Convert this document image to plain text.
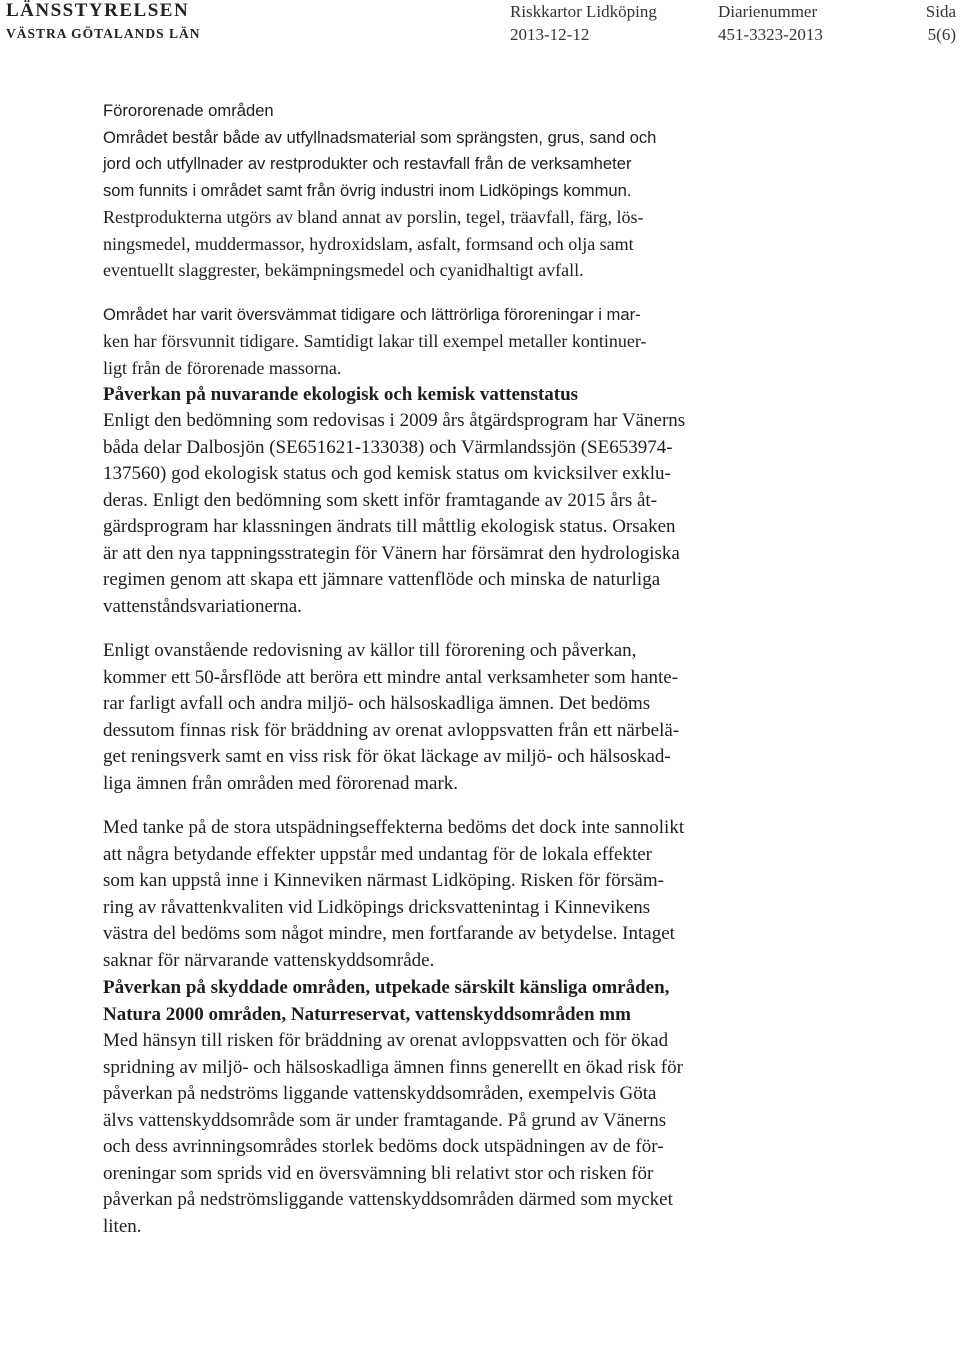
LÄNSSTYRELSEN
VÄSTRA GÖTALANDS LÄN
Riskkartor Lidköping
2013-12-12
Diarienummer
451-3323-2013
Sida
5(6)
Förororenade områden

Området består både av utfyllnadsmaterial som sprängsten, grus, sand och
jord och utfyllnader av restprodukter och restavfall från de verksamheter
som funnits i området samt från övrig industri inom Lidköpings kommun.
Restprodukterna utgörs av bland annat av porslin, tegel, träavfall, färg, lös-
ningsmedel, muddermassor, hydroxidslam, asfalt, formsand och olja samt
eventuellt slaggrester, bekämpningsmedel och cyanidhaltigt avfall.

Området har varit översvämmat tidigare och lättrörliga föroreningar i mar-
ken har försvunnit tidigare. Samtidigt lakar till exempel metaller kontinuer-
ligt från de förorenade massorna.

Påverkan på nuvarande ekologisk och kemisk vattenstatus

Enligt den bedömning som redovisas i 2009 års åtgärdsprogram har Vänerns
båda delar Dalbosjön (SE651621-133038) och Värmlandssjön (SE653974-
137560) god ekologisk status och god kemisk status om kvicksilver exklu-
deras. Enligt den bedömning som skett inför framtagande av 2015 års åt-
gärdsprogram har klassningen ändrats till måttlig ekologisk status. Orsaken
är att den nya tappningsstrategin för Vänern har försämrat den hydrologiska
regimen genom att skapa ett jämnare vattenflöde och minska de naturliga
vattenståndsvariationerna.

Enligt ovanstående redovisning av källor till förorening och påverkan,
kommer ett 50-årsflöde att beröra ett mindre antal verksamheter som hante-
rar farligt avfall och andra miljö- och hälsoskadliga ämnen. Det bedöms
dessutom finnas risk för bräddning av orenat avloppsvatten från ett närbelä-
get reningsverk samt en viss risk för ökat läckage av miljö- och hälsoskad-
liga ämnen från områden med förorenad mark.

Med tanke på de stora utspädningseffekterna bedöms det dock inte sannolikt
att några betydande effekter uppstår med undantag för de lokala effekter
som kan uppstå inne i Kinneviken närmast Lidköping. Risken för försäm-
ring av råvattenkvaliten vid Lidköpings dricksvattenintag i Kinnevikens
västra del bedöms som något mindre, men fortfarande av betydelse. Intaget
saknar för närvarande vattenskyddsområde.

Påverkan på skyddade områden, utpekade särskilt känsliga områden,
Natura 2000 områden, Naturreservat, vattenskyddsområden mm

Med hänsyn till risken för bräddning av orenat avloppsvatten och för ökad
spridning av miljö- och hälsoskadliga ämnen finns generellt en ökad risk för
påverkan på nedströms liggande vattenskyddsområden, exempelvis Göta
älvs vattenskyddsområde som är under framtagande. På grund av Vänerns
och dess avrinningsområdes storlek bedöms dock utspädningen av de för-
oreningar som sprids vid en översvämning bli relativt stor och risken för
påverkan på nedströmsliggande vattenskyddsområden därmed som mycket
liten.
